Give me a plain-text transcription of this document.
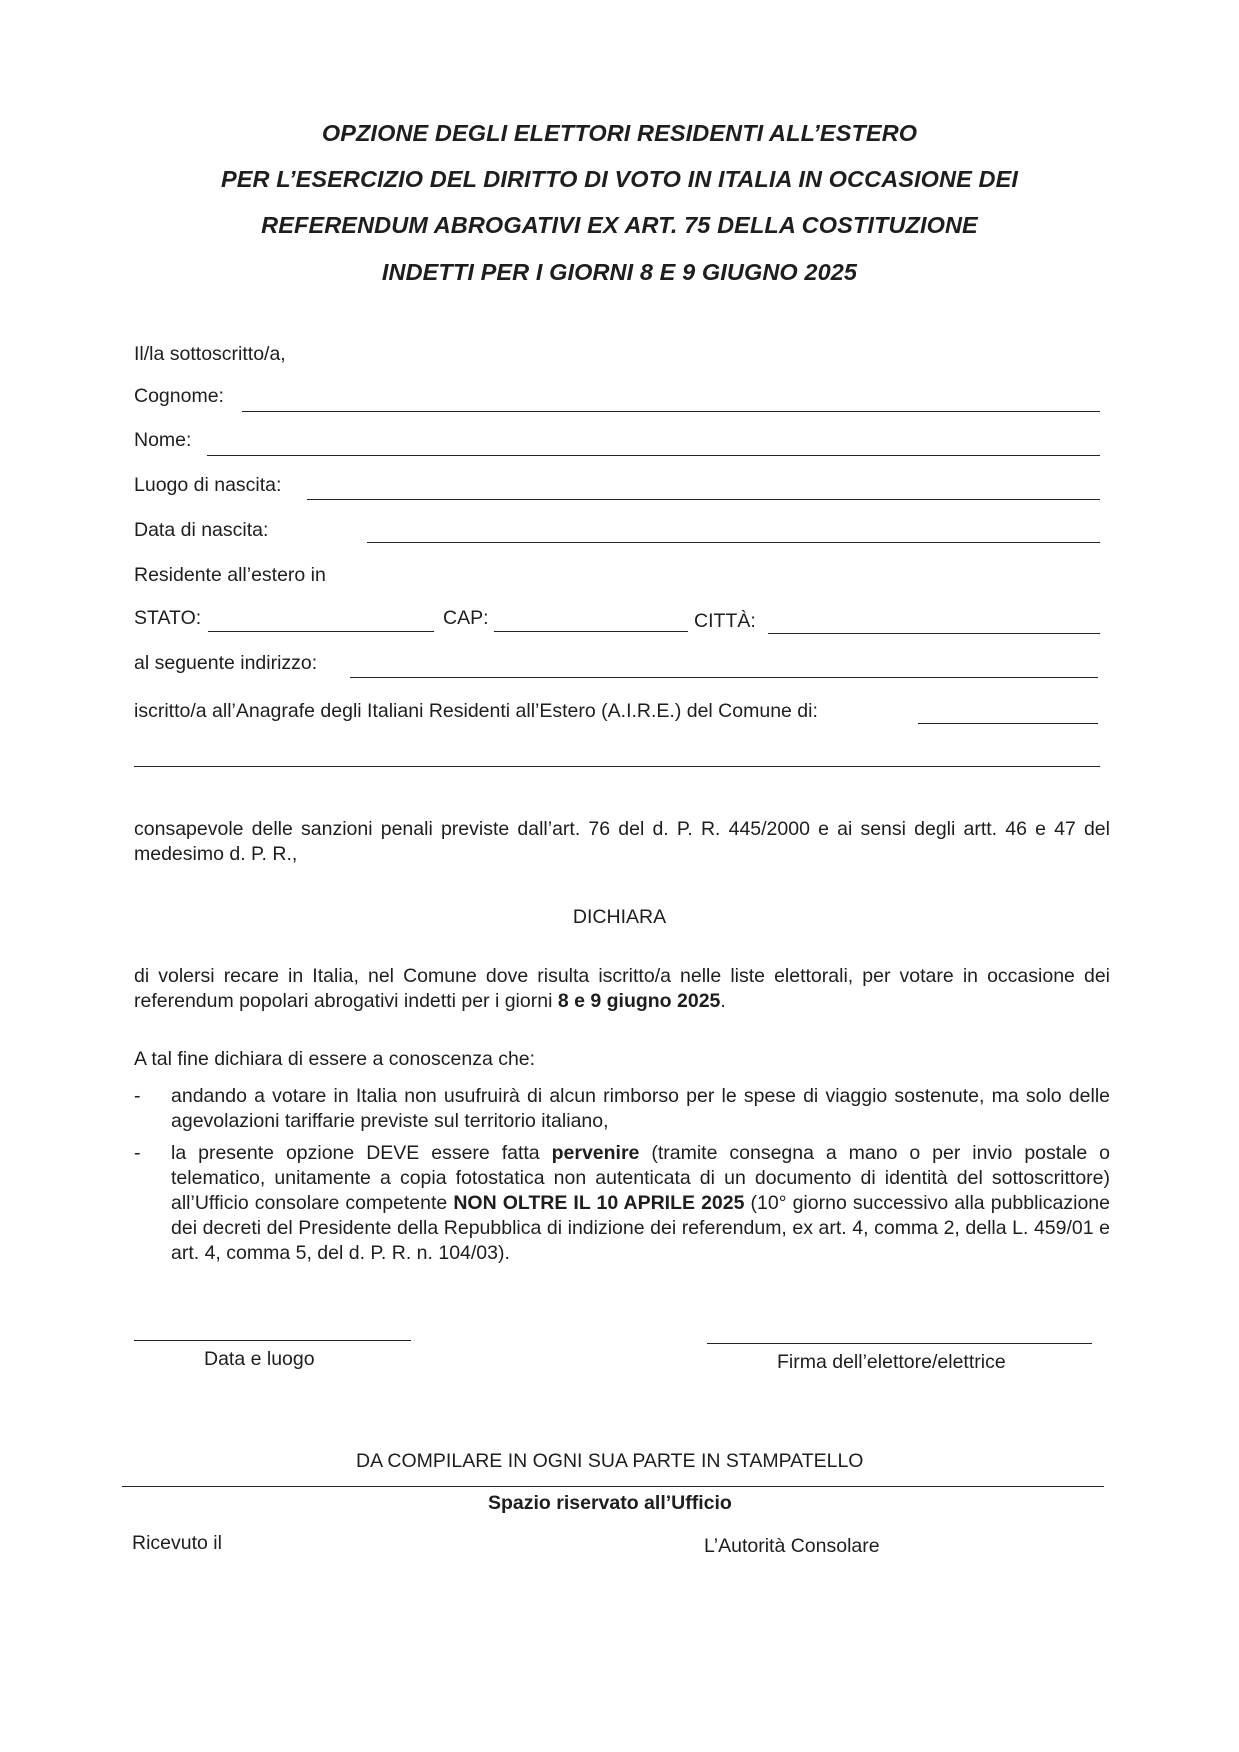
OPZIONE DEGLI ELETTORI RESIDENTI ALL’ESTERO
PER L’ESERCIZIO DEL DIRITTO DI VOTO IN ITALIA IN OCCASIONE DEI
REFERENDUM ABROGATIVI EX ART. 75 DELLA COSTITUZIONE
INDETTI PER I GIORNI 8 E 9 GIUGNO 2025
Il/la sottoscritto/a,
Cognome:
Nome:
Luogo di nascita:
Data di nascita:
Residente all’estero in
STATO:	CAP:	CITTÀ:
al seguente indirizzo:
iscritto/a all’Anagrafe degli Italiani Residenti all’Estero (A.I.R.E.) del Comune di:
consapevole delle sanzioni penali previste dall’art. 76 del d. P. R. 445/2000 e ai sensi degli artt. 46 e 47 del medesimo d. P. R.,
DICHIARA
di volersi recare in Italia, nel Comune dove risulta iscritto/a nelle liste elettorali, per votare in occasione dei referendum popolari abrogativi indetti per i giorni 8 e 9 giugno 2025.
A tal fine dichiara di essere a conoscenza che:
- andando a votare in Italia non usufruirà di alcun rimborso per le spese di viaggio sostenute, ma solo delle agevolazioni tariffarie previste sul territorio italiano,
- la presente opzione DEVE essere fatta pervenire (tramite consegna a mano o per invio postale o telematico, unitamente a copia fotostatica non autenticata di un documento di identità del sottoscrittore) all’Ufficio consolare competente NON OLTRE IL 10 APRILE 2025 (10° giorno successivo alla pubblicazione dei decreti del Presidente della Repubblica di indizione dei referendum, ex art. 4, comma 2, della L. 459/01 e art. 4, comma 5, del d. P. R. n. 104/03).
Data e luogo	Firma dell’elettore/elettrice
DA COMPILARE IN OGNI SUA PARTE IN STAMPATELLO
Spazio riservato all’Ufficio
Ricevuto il	L’Autorità Consolare
